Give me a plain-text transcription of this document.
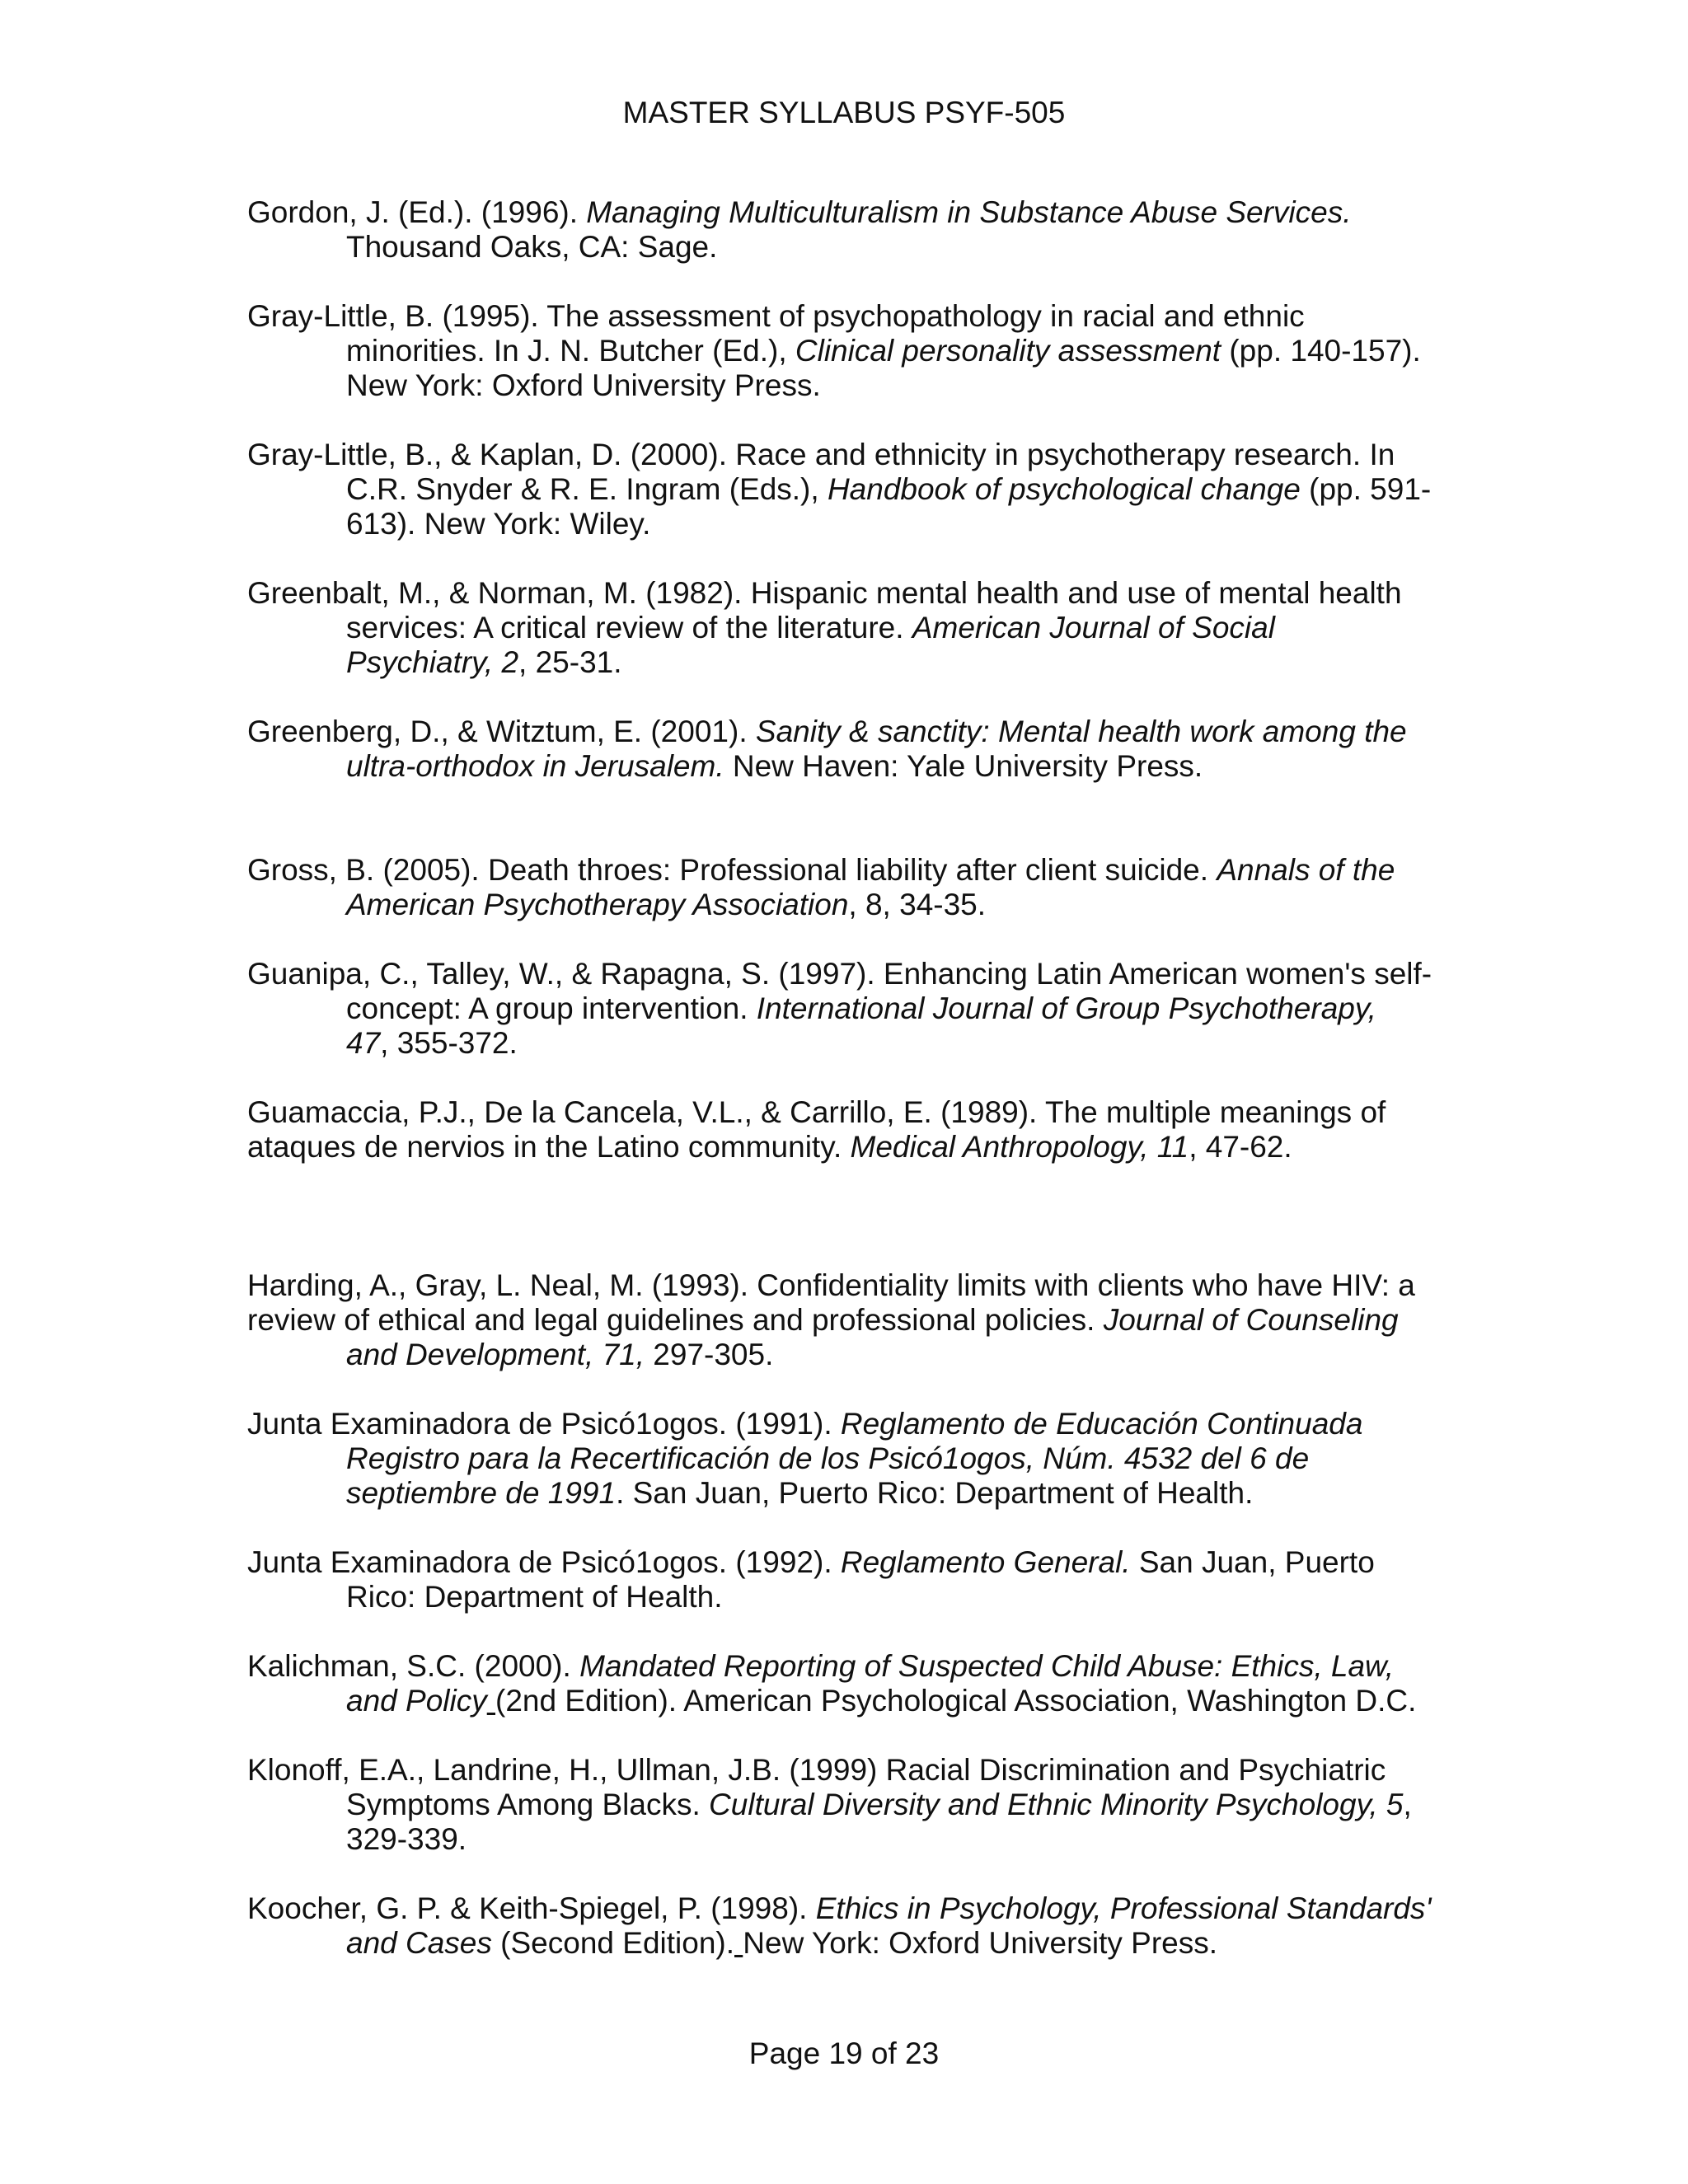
MASTER SYLLABUS PSYF-505
Gordon, J. (Ed.). (1996). Managing Multiculturalism in Substance Abuse Services.
Thousand Oaks, CA: Sage.
Gray-Little, B. (1995). The assessment of psychopathology in racial and ethnic
minorities. In J. N. Butcher (Ed.), Clinical personality assessment (pp. 140-157).
New York: Oxford University Press.
Gray-Little, B., & Kaplan, D. (2000). Race and ethnicity in psychotherapy research. In
C.R. Snyder & R. E. Ingram (Eds.), Handbook of psychological change (pp. 591-
613). New York: Wiley.
Greenbalt, M., & Norman, M. (1982). Hispanic mental health and use of mental health
services: A critical review of the literature. American Journal of Social
Psychiatry, 2, 25-31.
Greenberg, D., & Witztum, E. (2001). Sanity & sanctity: Mental health work among the
ultra-orthodox in Jerusalem. New Haven: Yale University Press.
Gross, B. (2005). Death throes: Professional liability after client suicide. Annals of the
American Psychotherapy Association, 8, 34-35.
Guanipa, C., Talley, W., & Rapagna, S. (1997). Enhancing Latin American women's self-
concept: A group intervention. International Journal of Group Psychotherapy,
47, 355-372.
Guamaccia, P.J., De la Cancela, V.L., & Carrillo, E. (1989). The multiple meanings of
ataques de nervios in the Latino community. Medical Anthropology, 11, 47-62.
Harding, A., Gray, L. Neal, M. (1993). Confidentiality limits with clients who have HIV: a
review of ethical and legal guidelines and professional policies. Journal of Counseling
and Development, 71, 297-305.
Junta Examinadora de Psicó1ogos. (1991). Reglamento de Educación Continuada
Registro para la Recertificación de los Psicó1ogos, Núm. 4532 del 6 de
septiembre de 1991. San Juan, Puerto Rico: Department of Health.
Junta Examinadora de Psicó1ogos. (1992). Reglamento General. San Juan, Puerto
Rico: Department of Health.
Kalichman, S.C. (2000). Mandated Reporting of Suspected Child Abuse: Ethics, Law,
and Policy (2nd Edition). American Psychological Association, Washington D.C.
Klonoff, E.A., Landrine, H., Ullman, J.B. (1999) Racial Discrimination and Psychiatric
Symptoms Among Blacks. Cultural Diversity and Ethnic Minority Psychology, 5,
329-339.
Koocher, G. P. & Keith-Spiegel, P. (1998). Ethics in Psychology, Professional Standards'
and Cases (Second Edition). New York: Oxford University Press.
Page 19 of 23
